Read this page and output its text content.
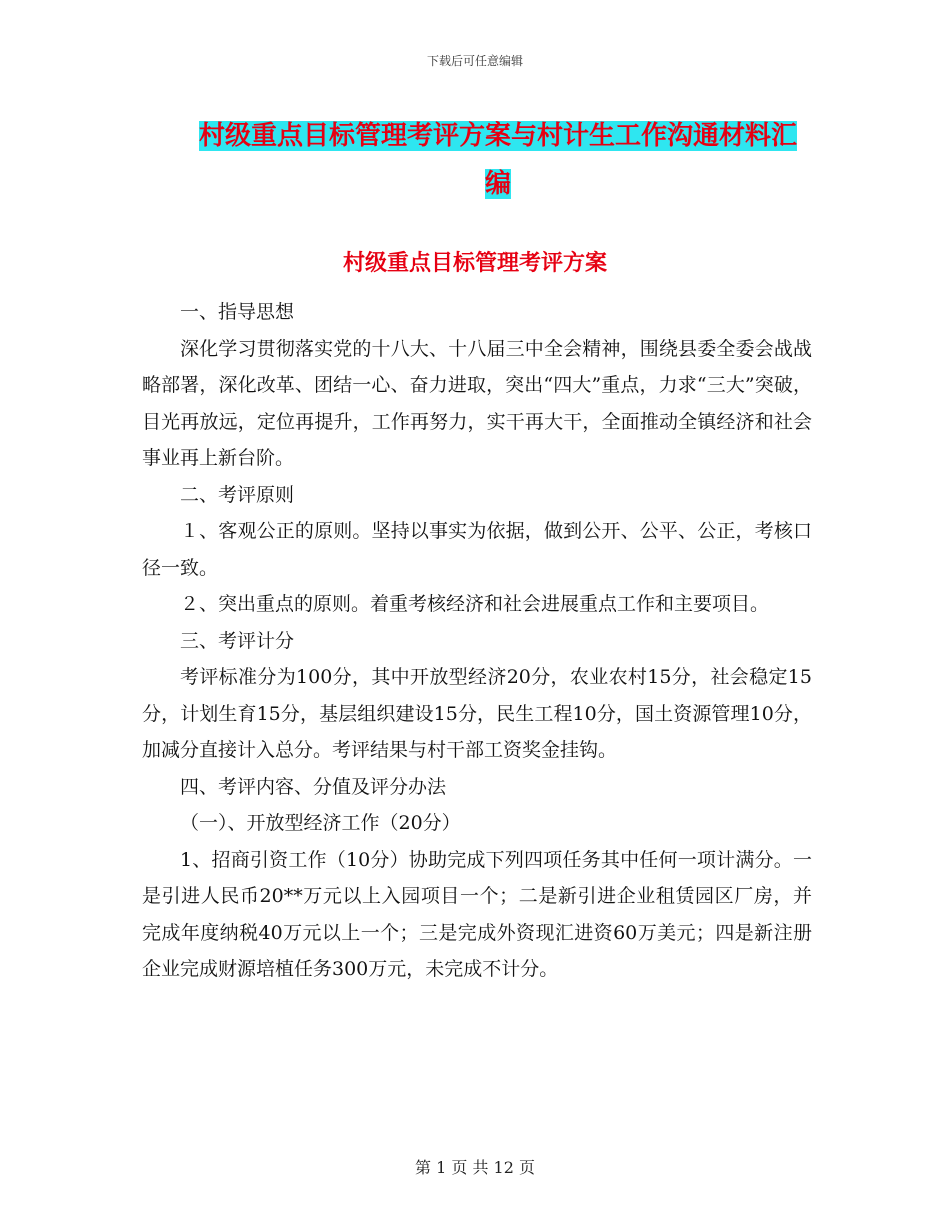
下载后可任意编辑
村级重点目标管理考评方案与村计生工作沟通材料汇编
村级重点目标管理考评方案

一、指导思想

深化学习贯彻落实党的十八大、十八届三中全会精神，围绕县委全委会战战略部署，深化改革、团结一心、奋力进取，突出“四大”重点，力求“三大”突破，目光再放远，定位再提升，工作再努力，实干再大干，全面推动全镇经济和社会事业再上新台阶。

二、考评原则

１、客观公正的原则。坚持以事实为依据，做到公开、公平、公正，考核口径一致。

２、突出重点的原则。着重考核经济和社会进展重点工作和主要项目。

三、考评计分

考评标准分为100分，其中开放型经济20分，农业农村15分，社会稳定15分，计划生育15分，基层组织建设15分，民生工程10分，国土资源管理10分，加减分直接计入总分。考评结果与村干部工资奖金挂钩。

四、考评内容、分值及评分办法

（一）、开放型经济工作（20分）

1、招商引资工作（10分）协助完成下列四项任务其中任何一项计满分。一是引进人民币20**万元以上入园项目一个；二是新引进企业租赁园区厂房，并完成年度纳税40万元以上一个；三是完成外资现汇进资60万美元；四是新注册企业完成财源培植任务300万元，未完成不计分。

第 1 页 共 12 页
